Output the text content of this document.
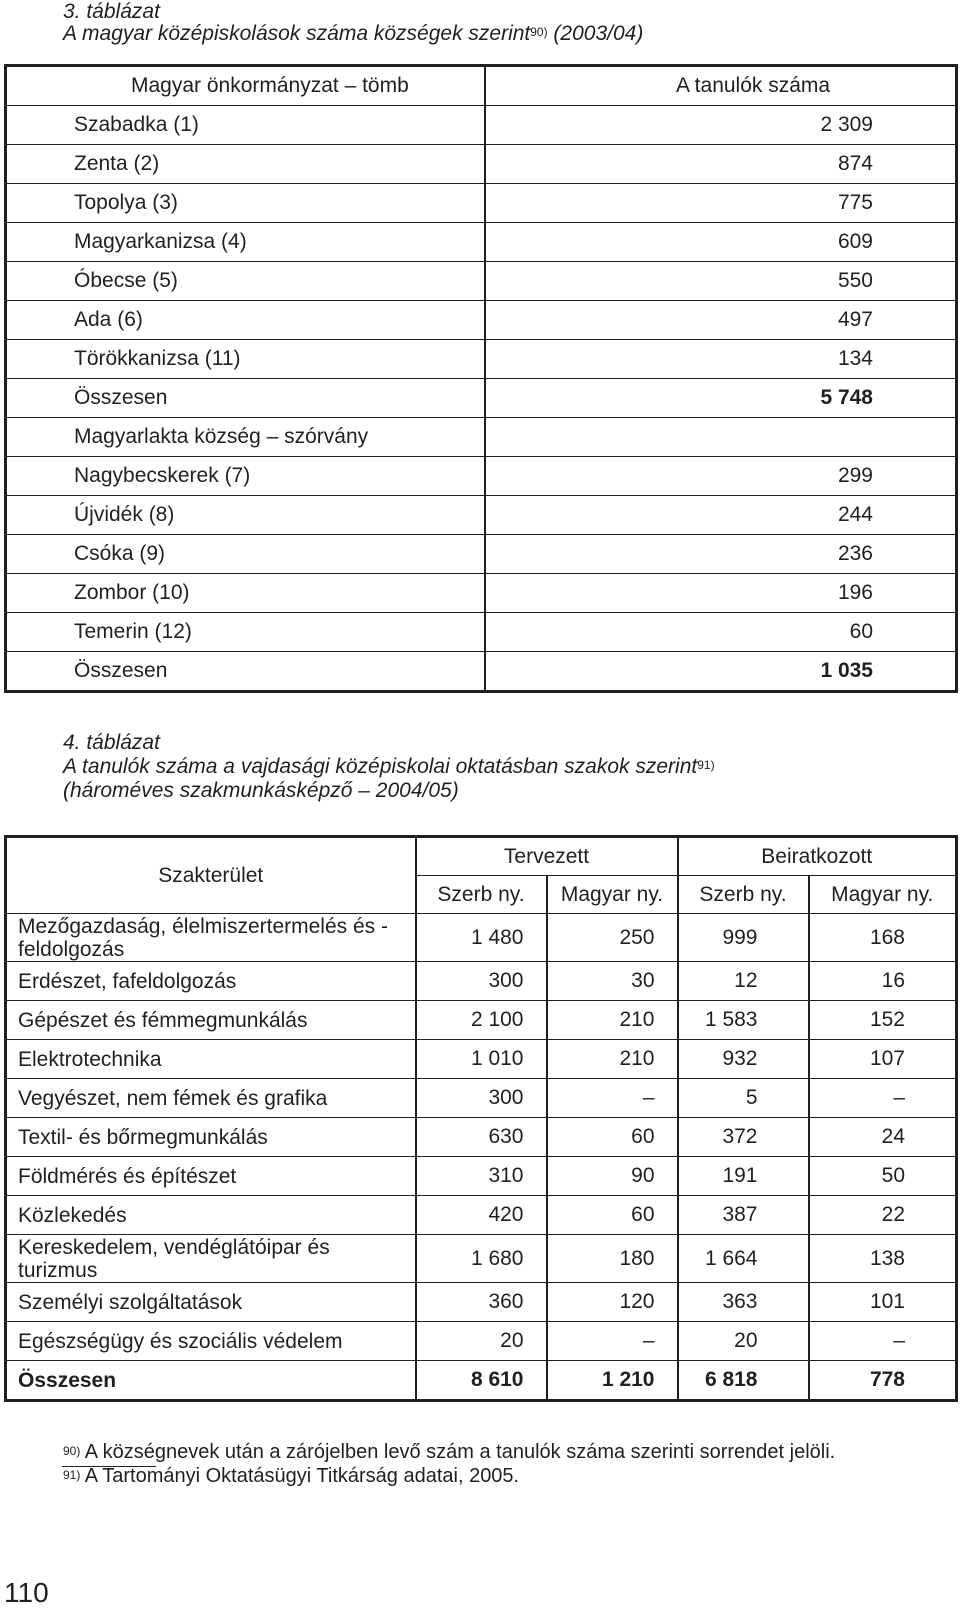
3. táblázat
A magyar középiskolások száma községek szerint$^{90)}$ (2003/04)
Magyar önkormányzat – tömb	A tanulók száma
Szabadka (1)	2 309
Zenta (2)	874
Topolya (3)	775
Magyarkanizsa (4)	609
Óbecse (5)	550
Ada (6)	497
Törökkanizsa (11)	134
Összesen	5 748
Magyarlakta község – szórvány	
Nagybecskerek (7)	299
Újvidék (8)	244
Csóka (9)	236
Zombor (10)	196
Temerin (12)	60
Összesen	1 035
4. táblázat
A tanulók száma a vajdasági középiskolai oktatásban szakok szerint$^{91)}$
(hároméves szakmunkásképző – 2004/05)
Szakterület	Tervezett		Beiratkozott	
	Szerb ny.	Magyar ny.	Szerb ny.	Magyar ny.
Mezőgazdaság, élelmiszertermelés és -feldolgozás	1 480	250	999	168
Erdészet, fafeldolgozás	300	30	12	16
Gépészet és fémmegmunkálás	2 100	210	1 583	152
Elektrotechnika	1 010	210	932	107
Vegyészet, nem fémek és grafika	300	–	5	–
Textil- és bőrmegmunkálás	630	60	372	24
Földmérés és építészet	310	90	191	50
Közlekedés	420	60	387	22
Kereskedelem, vendéglátóipar és turizmus	1 680	180	1 664	138
Személyi szolgáltatások	360	120	363	101
Egészségügy és szociális védelem	20	–	20	–
Összesen	8 610	1 210	6 818	778
$^{90)}$ A községnevek után a zárójelben levő szám a tanulók száma szerinti sorrendet jelöli.
$^{91)}$ A Tartományi Oktatásügyi Titkárság adatai, 2005.
110
